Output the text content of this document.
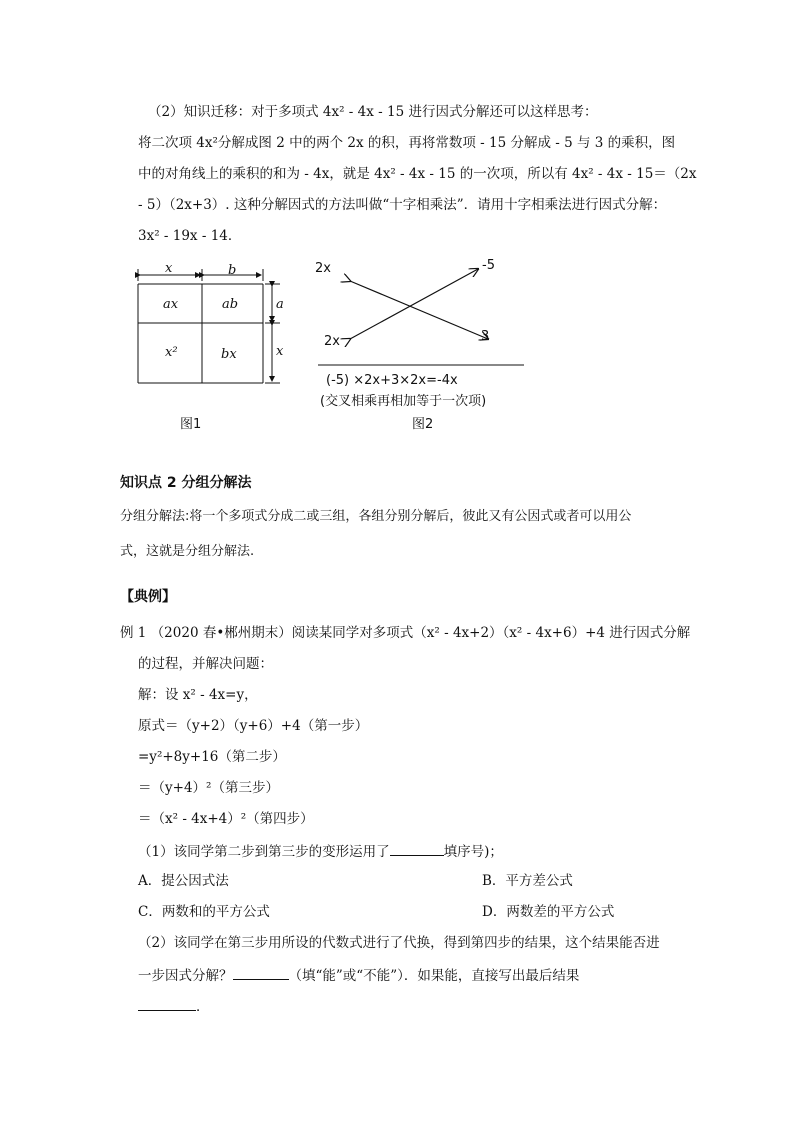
（2）知识迁移：对于多项式 4x² - 4x - 15 进行因式分解还可以这样思考：
将二次项 4x²分解成图 2 中的两个 2x 的积，再将常数项 - 15 分解成 - 5 与 3 的乘积，图
中的对角线上的乘积的和为 - 4x，就是 4x² - 4x - 15 的一次项，所以有 4x² - 4x - 15＝（2x
- 5）（2x+3）. 这种分解因式的方法叫做“十字相乘法”．请用十字相乘法进行因式分解：
3x² - 19x - 14．
x	b
a
x
ax	ab
x²	bx
图1
2x	-5
2x	3
(-5) ×2x+3×2x=-4x
(交叉相乘再相加等于一次项)
图2
知识点 2 分组分解法
分组分解法:将一个多项式分成二或三组，各组分别分解后，彼此又有公因式或者可以用公
式，这就是分组分解法.
【典例】
例 1 （2020 春•郴州期末）阅读某同学对多项式（x² - 4x+2）（x² - 4x+6）+4 进行因式分解
的过程，并解决问题：
解：设 x² - 4x=y，
原式＝（y+2）（y+6）+4（第一步）
=y²+8y+16（第二步）
＝（y+4）²（第三步）
＝（x² - 4x+4）²（第四步）
（1）该同学第二步到第三步的变形运用了	填序号)；
A．提公因式法	B．平方差公式
C．两数和的平方公式	D．两数差的平方公式
（2）该同学在第三步用所设的代数式进行了代换，得到第四步的结果，这个结果能否进
一步因式分解？	（填“能”或“不能”）．如果能，直接写出最后结果
．
